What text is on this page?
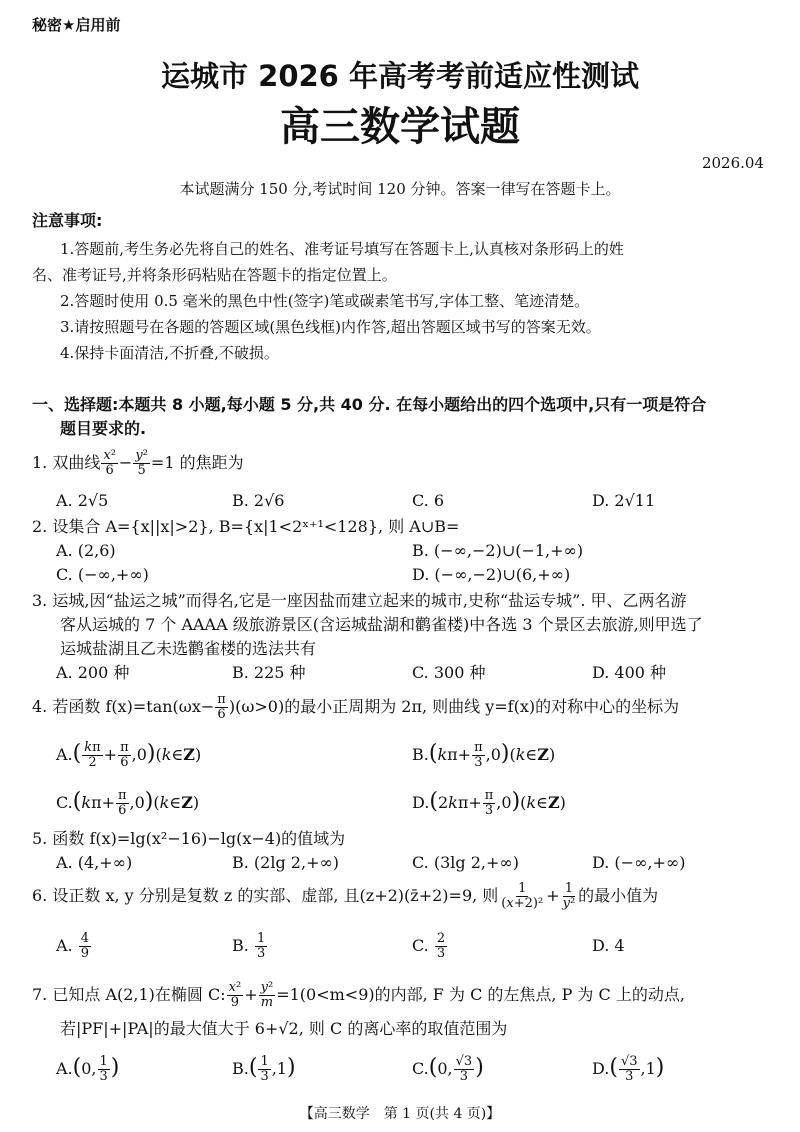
秘密★启用前
运城市 2026 年高考考前适应性测试
高三数学试题
2026.04
本试题满分 150 分,考试时间 120 分钟。答案一律写在答题卡上。
注意事项:
1.答题前,考生务必先将自己的姓名、准考证号填写在答题卡上,认真核对条形码上的姓
名、准考证号,并将条形码粘贴在答题卡的指定位置上。
2.答题时使用 0.5 毫米的黑色中性(签字)笔或碳素笔书写,字体工整、笔迹清楚。
3.请按照题号在各题的答题区域(黑色线框)内作答,超出答题区域书写的答案无效。
4.保持卡面清洁,不折叠,不破损。
一、选择题:本题共 8 小题,每小题 5 分,共 40 分. 在每小题给出的四个选项中,只有一项是符合
题目要求的.
1. 双曲线 $\frac{\text{x²}}{6} - \frac{\text{y²}}{5} =1$ 的焦距为
A. 2√5	B. 2√6	C. 6	D. 2√11
2. 设集合 A={x||x|>2}, B={x|1<2ˣ⁺¹<128}, 则 A∪B=
A. (2,6)	B. (−∞,−2)∪(−1,+∞)
C. (−∞,+∞)	D. (−∞,−2)∪(6,+∞)
3. 运城,因“盐运之城”而得名,它是一座因盐而建立起来的城市,史称“盐运专城”. 甲、乙两名游
客从运城的 7 个 AAAA 级旅游景区(含运城盐湖和鹳雀楼)中各选 3 个景区去旅游,则甲选了
运城盐湖且乙未选鹳雀楼的选法共有
A. 200 种	B. 225 种	C. 300 种	D. 400 种
4. 若函数 $f(x)=\tan(\omega x- \frac{\pi}{6} )(\omega>0)$的最小正周期为 2π, 则曲线 y=f(x)的对称中心的坐标为
$A.( \frac{k\pi}{2} + \frac{\pi}{6}$ ,0)(k∈Z)	$B.(k\pi+ \frac{\pi}{3}$ ,0)(k∈Z)
$C.(k\pi+ \frac{\pi}{6}$ ,0)(k∈Z)	$D.(2k\pi+ \frac{\pi}{3}$ ,0)(k∈Z)
5. 函数 f(x)=lg(x²−16)−lg(x−4)的值域为
A. (4,+∞)	B. (2lg 2,+∞)	C. (3lg 2,+∞)	D. (−∞,+∞)
6. 设正数 x, y 分别是复数 z 的实部、虚部, 且(z+2)(z̄+2)=9, 则 $\frac{1}{\text{(x+2)²}} + \frac{1}{\text{y²}}$ 的最小值为
A. $\frac{4}{9}$	B. $\frac{1}{3}$	C. $\frac{2}{3}$	D. 4
7. 已知点 A(2,1)在椭圆 C: $\frac{\text{x²}}{9} + \frac{\text{y²}}{m} =1(0<m<9)$的内部, F 为 C 的左焦点, P 为 C 上的动点,
若|PF|+|PA|的最大值大于 6+√2, 则 C 的离心率的取值范围为
A.(0, $\frac{1}{3}$ )	$B.( \frac{1}{3} ,1)$	C.(0, $\frac{√3}{3}$ )	$D.( \frac{√3}{3} ,1)$
【高三数学　第 1 页(共 4 页)】
